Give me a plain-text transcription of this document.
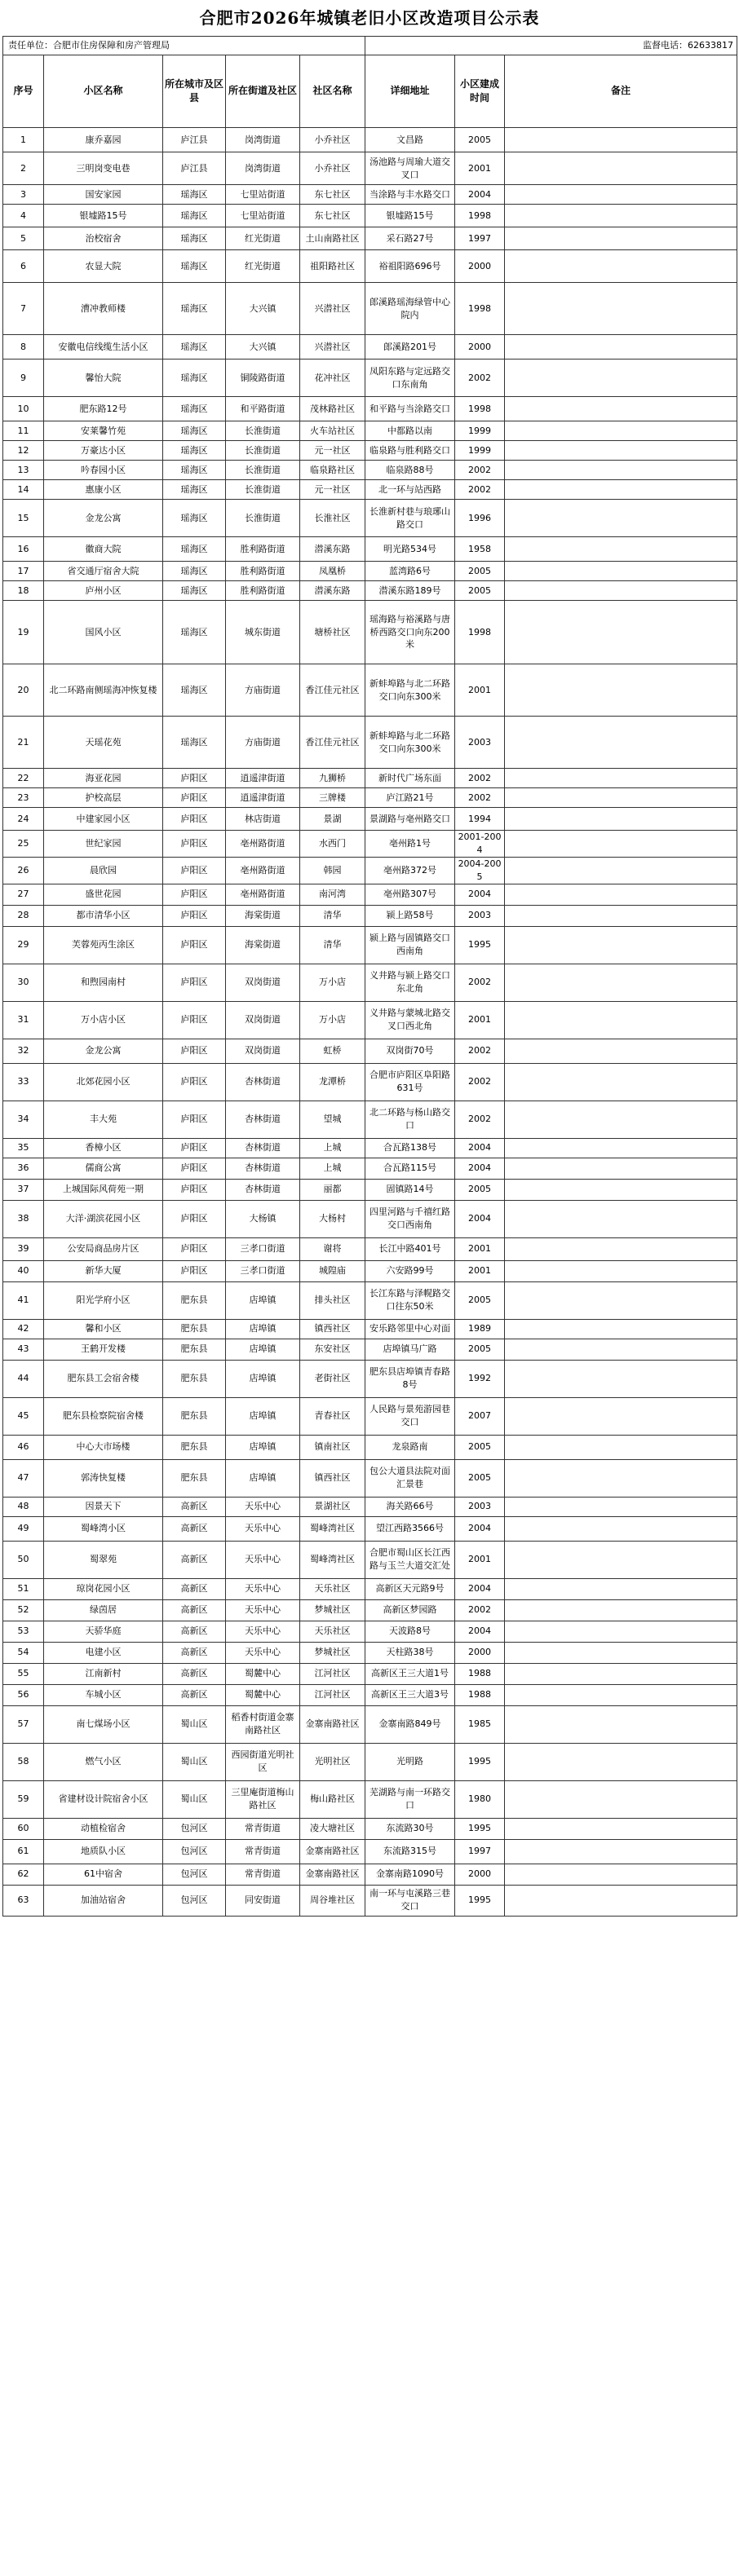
合肥市2026年城镇老旧小区改造项目公示表
责任单位：合肥市住房保障和房产管理局					监督电话：62633817		
序号	小区名称	所在城市及区县	所在街道及社区	社区名称	详细地址	小区建成时间	备注
1	康乔嘉园	庐江县	岗湾街道	小乔社区	文昌路	2005	
2	三明岗变电巷	庐江县	岗湾街道	小乔社区	汤池路与周瑜大道交叉口	2001	
3	国安家园	瑶海区	七里站街道	东七社区	当涂路与丰水路交口	2004	
4	银墟路15号	瑶海区	七里站街道	东七社区	银墟路15号	1998	
5	治校宿舍	瑶海区	红光街道	土山南路社区	采石路27号	1997	
6	农显大院	瑶海区	红光街道	祖阳路社区	裕祖阳路696号	2000	
7	漕冲教师楼	瑶海区	大兴镇	兴潜社区	郎溪路瑶海绿管中心院内	1998	
8	安徽电信线缆生活小区	瑶海区	大兴镇	兴潜社区	郎溪路201号	2000	
9	馨怡大院	瑶海区	铜陵路街道	花冲社区	凤阳东路与定远路交口东南角	2002	
10	肥东路12号	瑶海区	和平路街道	茂林路社区	和平路与当涂路交口	1998	
11	安莱馨竹苑	瑶海区	长淮街道	火车站社区	中都路以南	1999	
12	万豪达小区	瑶海区	长淮街道	元一社区	临泉路与胜利路交口	1999	
13	吟春园小区	瑶海区	长淮街道	临泉路社区	临泉路88号	2002	
14	惠康小区	瑶海区	长淮街道	元一社区	北一环与站西路	2002	
15	金龙公寓	瑶海区	长淮街道	长淮社区	长淮新村巷与琅琊山路交口	1996	
16	徽商大院	瑶海区	胜利路街道	潜溪东路	明光路534号	1958	
17	省交通厅宿舍大院	瑶海区	胜利路街道	凤凰桥	蓝湾路6号	2005	
18	庐州小区	瑶海区	胜利路街道	潜溪东路	潜溪东路189号	2005	
19	国风小区	瑶海区	城东街道	塘桥社区	瑶海路与裕溪路与唐桥西路交口向东200米	1998	
20	北二环路南侧瑶海冲恢复楼	瑶海区	方庙街道	香江佳元社区	新蚌埠路与北二环路交口向东300米	2001	
21	天瑶花苑	瑶海区	方庙街道	香江佳元社区	新蚌埠路与北二环路交口向东300米	2003	
22	海亚花园	庐阳区	逍遥津街道	九狮桥	新时代广场东面	2002	
23	护校高层	庐阳区	逍遥津街道	三牌楼	庐江路21号	2002	
24	中建家园小区	庐阳区	林店街道	景湖	景湖路与亳州路交口	1994	
25	世纪家园	庐阳区	亳州路街道	水西门	亳州路1号	2001-2004	
26	晨欣园	庐阳区	亳州路街道	韩园	亳州路372号	2004-2005	
27	盛世花园	庐阳区	亳州路街道	南河湾	亳州路307号	2004	
28	都市清华小区	庐阳区	海棠街道	清华	颍上路58号	2003	
29	芙蓉苑丙生涂区	庐阳区	海棠街道	清华	颍上路与固镇路交口西南角	1995	
30	和煦园南村	庐阳区	双岗街道	万小店	义井路与颍上路交口东北角	2002	
31	万小店小区	庐阳区	双岗街道	万小店	义井路与蒙城北路交叉口西北角	2001	
32	金龙公寓	庐阳区	双岗街道	虹桥	双岗街70号	2002	
33	北郊花园小区	庐阳区	杏林街道	龙潭桥	合肥市庐阳区阜阳路631号	2002	
34	丰大苑	庐阳区	杏林街道	望城	北二环路与杨山路交口	2002	
35	香樟小区	庐阳区	杏林街道	上城	合瓦路138号	2004	
36	儒商公寓	庐阳区	杏林街道	上城	合瓦路115号	2004	
37	上城国际风荷苑一期	庐阳区	杏林街道	丽都	固镇路14号	2005	
38	大洋·湖滨花园小区	庐阳区	大杨镇	大杨村	四里河路与千禧红路交口西南角	2004	
39	公安局商品房片区	庐阳区	三孝口街道	谢将	长江中路401号	2001	
40	新华大厦	庐阳区	三孝口街道	城隍庙	六安路99号	2001	
41	阳光学府小区	肥东县	店埠镇	排头社区	长江东路与泽幌路交口往东50米	2005	
42	馨和小区	肥东县	店埠镇	镇西社区	安乐路邻里中心对面	1989	
43	王鹤开发楼	肥东县	店埠镇	东安社区	店埠镇马广路	2005	
44	肥东县工会宿舍楼	肥东县	店埠镇	老街社区	肥东县店埠镇青春路8号	1992	
45	肥东县检察院宿舍楼	肥东县	店埠镇	青春社区	人民路与景苑游园巷交口	2007	
46	中心大市场楼	肥东县	店埠镇	镇南社区	龙泉路南	2005	
47	郭涛快复楼	肥东县	店埠镇	镇西社区	包公大道县法院对面汇景巷	2005	
48	因景天下	高新区	天乐中心	景湖社区	海关路66号	2003	
49	蜀峰湾小区	高新区	天乐中心	蜀峰湾社区	望江西路3566号	2004	
50	蜀翠苑	高新区	天乐中心	蜀峰湾社区	合肥市蜀山区长江西路与玉兰大道交汇处	2001	
51	琼岗花园小区	高新区	天乐中心	天乐社区	高新区天元路9号	2004	
52	绿茵居	高新区	天乐中心	梦城社区	高新区梦园路	2002	
53	天骄华庭	高新区	天乐中心	天乐社区	天波路8号	2004	
54	电建小区	高新区	天乐中心	梦城社区	天柱路38号	2000	
55	江南新村	高新区	蜀麓中心	江河社区	高新区王三大道1号	1988	
56	车城小区	高新区	蜀麓中心	江河社区	高新区王三大道3号	1988	
57	南七煤场小区	蜀山区	稻香村街道金寨南路社区	金寨南路社区	金寨南路849号	1985	
58	燃气小区	蜀山区	西园街道光明社区	光明社区	光明路	1995	
59	省建材设计院宿舍小区	蜀山区	三里庵街道梅山路社区	梅山路社区	芜湖路与南一环路交口	1980	
60	动植检宿舍	包河区	常青街道	凌大塘社区	东流路30号	1995	
61	地质队小区	包河区	常青街道	金寨南路社区	东流路315号	1997	
62	61中宿舍	包河区	常青街道	金寨南路社区	金寨南路1090号	2000	
63	加油站宿舍	包河区	同安街道	周谷堆社区	南一环与屯溪路三巷交口	1995	
